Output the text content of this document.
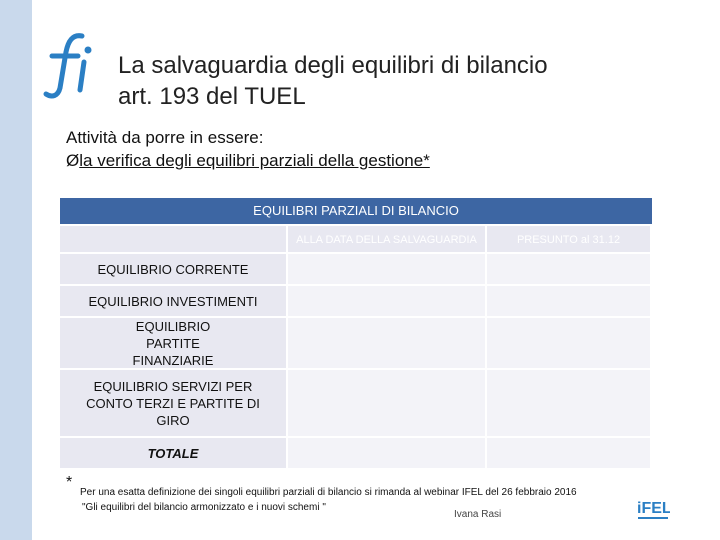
La salvaguardia degli equilibri di bilancio
art. 193 del TUEL
Attività da porre in essere:
Øla verifica degli equilibri parziali della gestione*
EQUILIBRI PARZIALI DI BILANCIO
ALLA DATA DELLA SALVAGUARDIA	PRESUNTO al 31.12
EQUILIBRIO CORRENTE
EQUILIBRIO INVESTIMENTI
EQUILIBRIO PARTITE FINANZIARIE
EQUILIBRIO SERVIZI PER CONTO TERZI E PARTITE DI GIRO
TOTALE
*
Per una esatta definizione dei singoli equilibri parziali di bilancio si rimanda al webinar IFEL del 26 febbraio 2016
"Gli equilibri del bilancio armonizzato e i nuovi schemi "
Ivana Rasi	iFEL
